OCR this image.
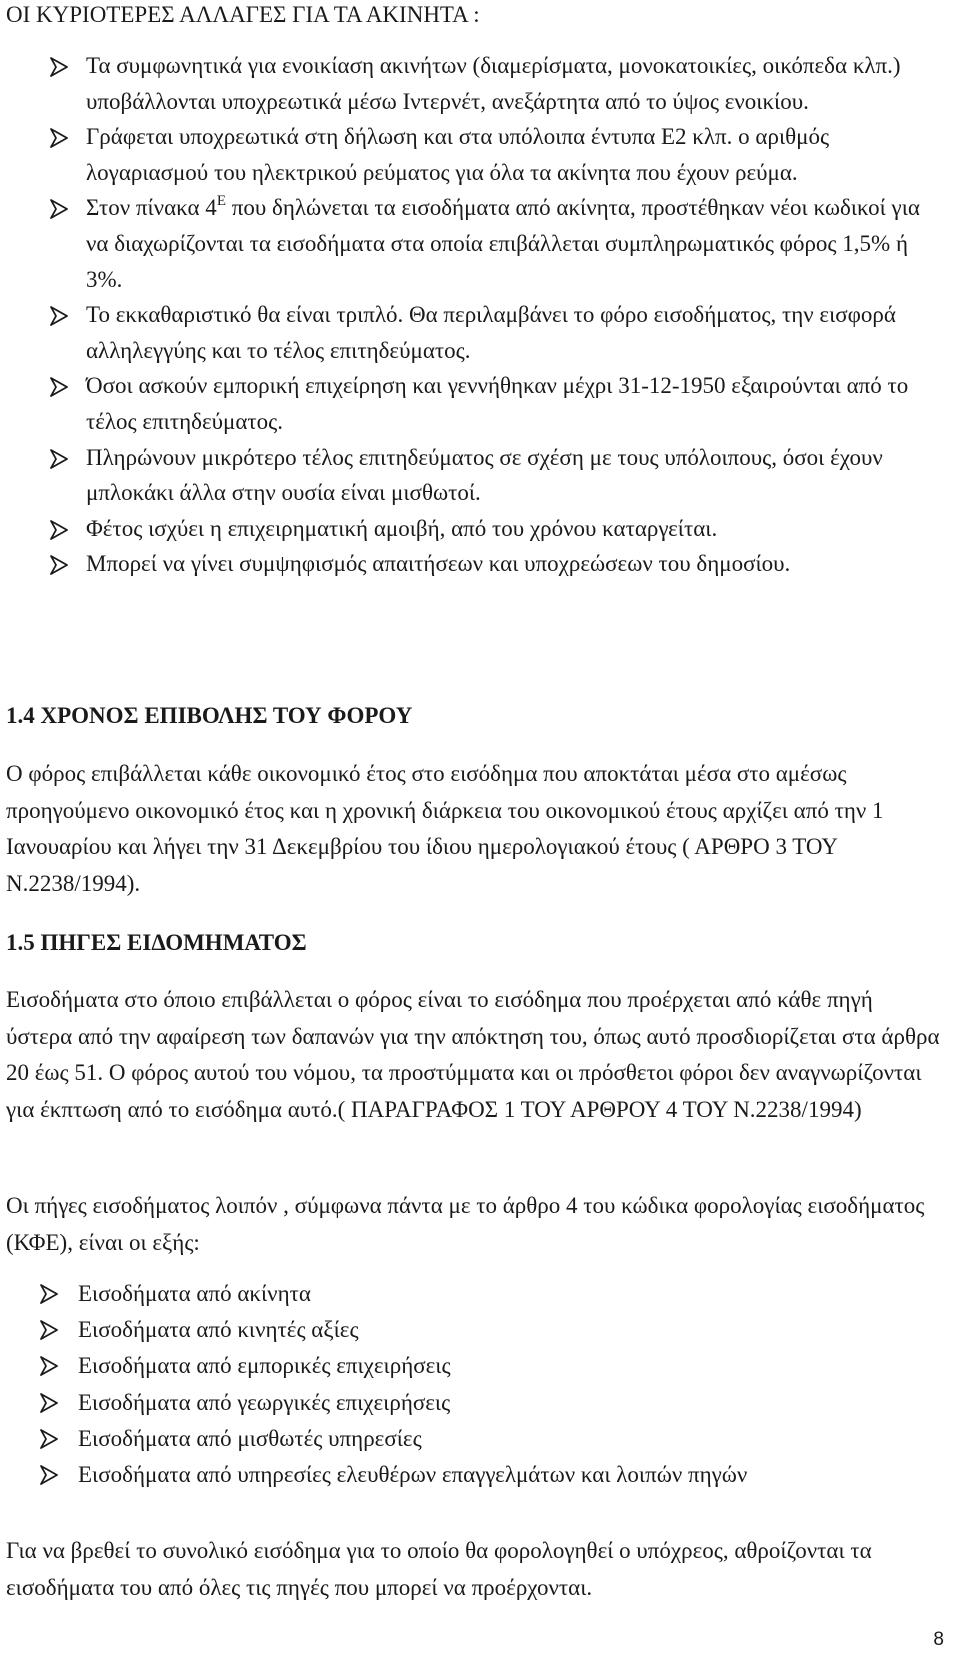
ΟΙ ΚΥΡΙΟΤΕΡΕΣ ΑΛΛΑΓΕΣ ΓΙΑ ΤΑ ΑΚΙΝΗΤΑ :
Τα συμφωνητικά για ενοικίαση ακινήτων (διαμερίσματα, μονοκατοικίες, οικόπεδα κλπ.) υποβάλλονται υποχρεωτικά μέσω Ιντερνέτ, ανεξάρτητα από το ύψος ενοικίου.
Γράφεται υποχρεωτικά στη δήλωση και στα υπόλοιπα έντυπα Ε2 κλπ. ο αριθμός λογαριασμού του ηλεκτρικού ρεύματος για όλα τα ακίνητα που έχουν ρεύμα.
Στον πίνακα $4^E$ που δηλώνεται τα εισοδήματα από ακίνητα, προστέθηκαν νέοι κωδικοί για να διαχωρίζονται τα εισοδήματα στα οποία επιβάλλεται συμπληρωματικός φόρος 1,5% ή 3%.
Το εκκαθαριστικό θα είναι τριπλό. Θα περιλαμβάνει το φόρο εισοδήματος, την εισφορά αλληλεγγύης και το τέλος επιτηδεύματος.
Όσοι ασκούν εμπορική επιχείρηση και γεννήθηκαν μέχρι 31-12-1950 εξαιρούνται από το τέλος επιτηδεύματος.
Πληρώνουν μικρότερο τέλος επιτηδεύματος σε σχέση με τους υπόλοιπους, όσοι έχουν μπλοκάκι άλλα στην ουσία είναι μισθωτοί.
Φέτος ισχύει η επιχειρηματική αμοιβή, από του χρόνου καταργείται.
Μπορεί να γίνει συμψηφισμός απαιτήσεων και υποχρεώσεων του δημοσίου.
1.4 ΧΡΟΝΟΣ ΕΠΙΒΟΛΗΣ ΤΟΥ ΦΟΡΟΥ

Ο φόρος επιβάλλεται κάθε οικονομικό έτος στο εισόδημα που αποκτάται μέσα στο αμέσως προηγούμενο οικονομικό έτος και η χρονική διάρκεια του οικονομικού έτους αρχίζει από την 1 Ιανουαρίου και λήγει την 31 Δεκεμβρίου του ίδιου ημερολογιακού έτους ( ΑΡΘΡΟ 3 ΤΟΥ Ν.2238/1994).

1.5 ΠΗΓΕΣ ΕΙΔΟΜΗΜΑΤΟΣ

Εισοδήματα στο όποιο επιβάλλεται ο φόρος είναι το εισόδημα που προέρχεται από κάθε πηγή ύστερα από την αφαίρεση των δαπανών για την απόκτηση του, όπως αυτό προσδιορίζεται στα άρθρα 20 έως 51. Ο φόρος αυτού του νόμου, τα προστύμματα και οι πρόσθετοι φόροι δεν αναγνωρίζονται για έκπτωση από το εισόδημα αυτό.( ΠΑΡΑΓΡΑΦΟΣ 1 ΤΟΥ ΑΡΘΡΟΥ 4 ΤΟΥ Ν.2238/1994)

Οι πήγες εισοδήματος λοιπόν , σύμφωνα πάντα με το άρθρο 4 του κώδικα φορολογίας εισοδήματος (ΚΦΕ), είναι οι εξής:

Εισοδήματα από ακίνητα
Εισοδήματα από κινητές αξίες
Εισοδήματα από εμπορικές επιχειρήσεις
Εισοδήματα από γεωργικές επιχειρήσεις
Εισοδήματα από μισθωτές υπηρεσίες
Εισοδήματα από υπηρεσίες ελευθέρων επαγγελμάτων και λοιπών πηγών

Για να βρεθεί το συνολικό εισόδημα για το οποίο θα φορολογηθεί ο υπόχρεος, αθροίζονται τα εισοδήματα του από όλες τις πηγές που μπορεί να προέρχονται.

8
